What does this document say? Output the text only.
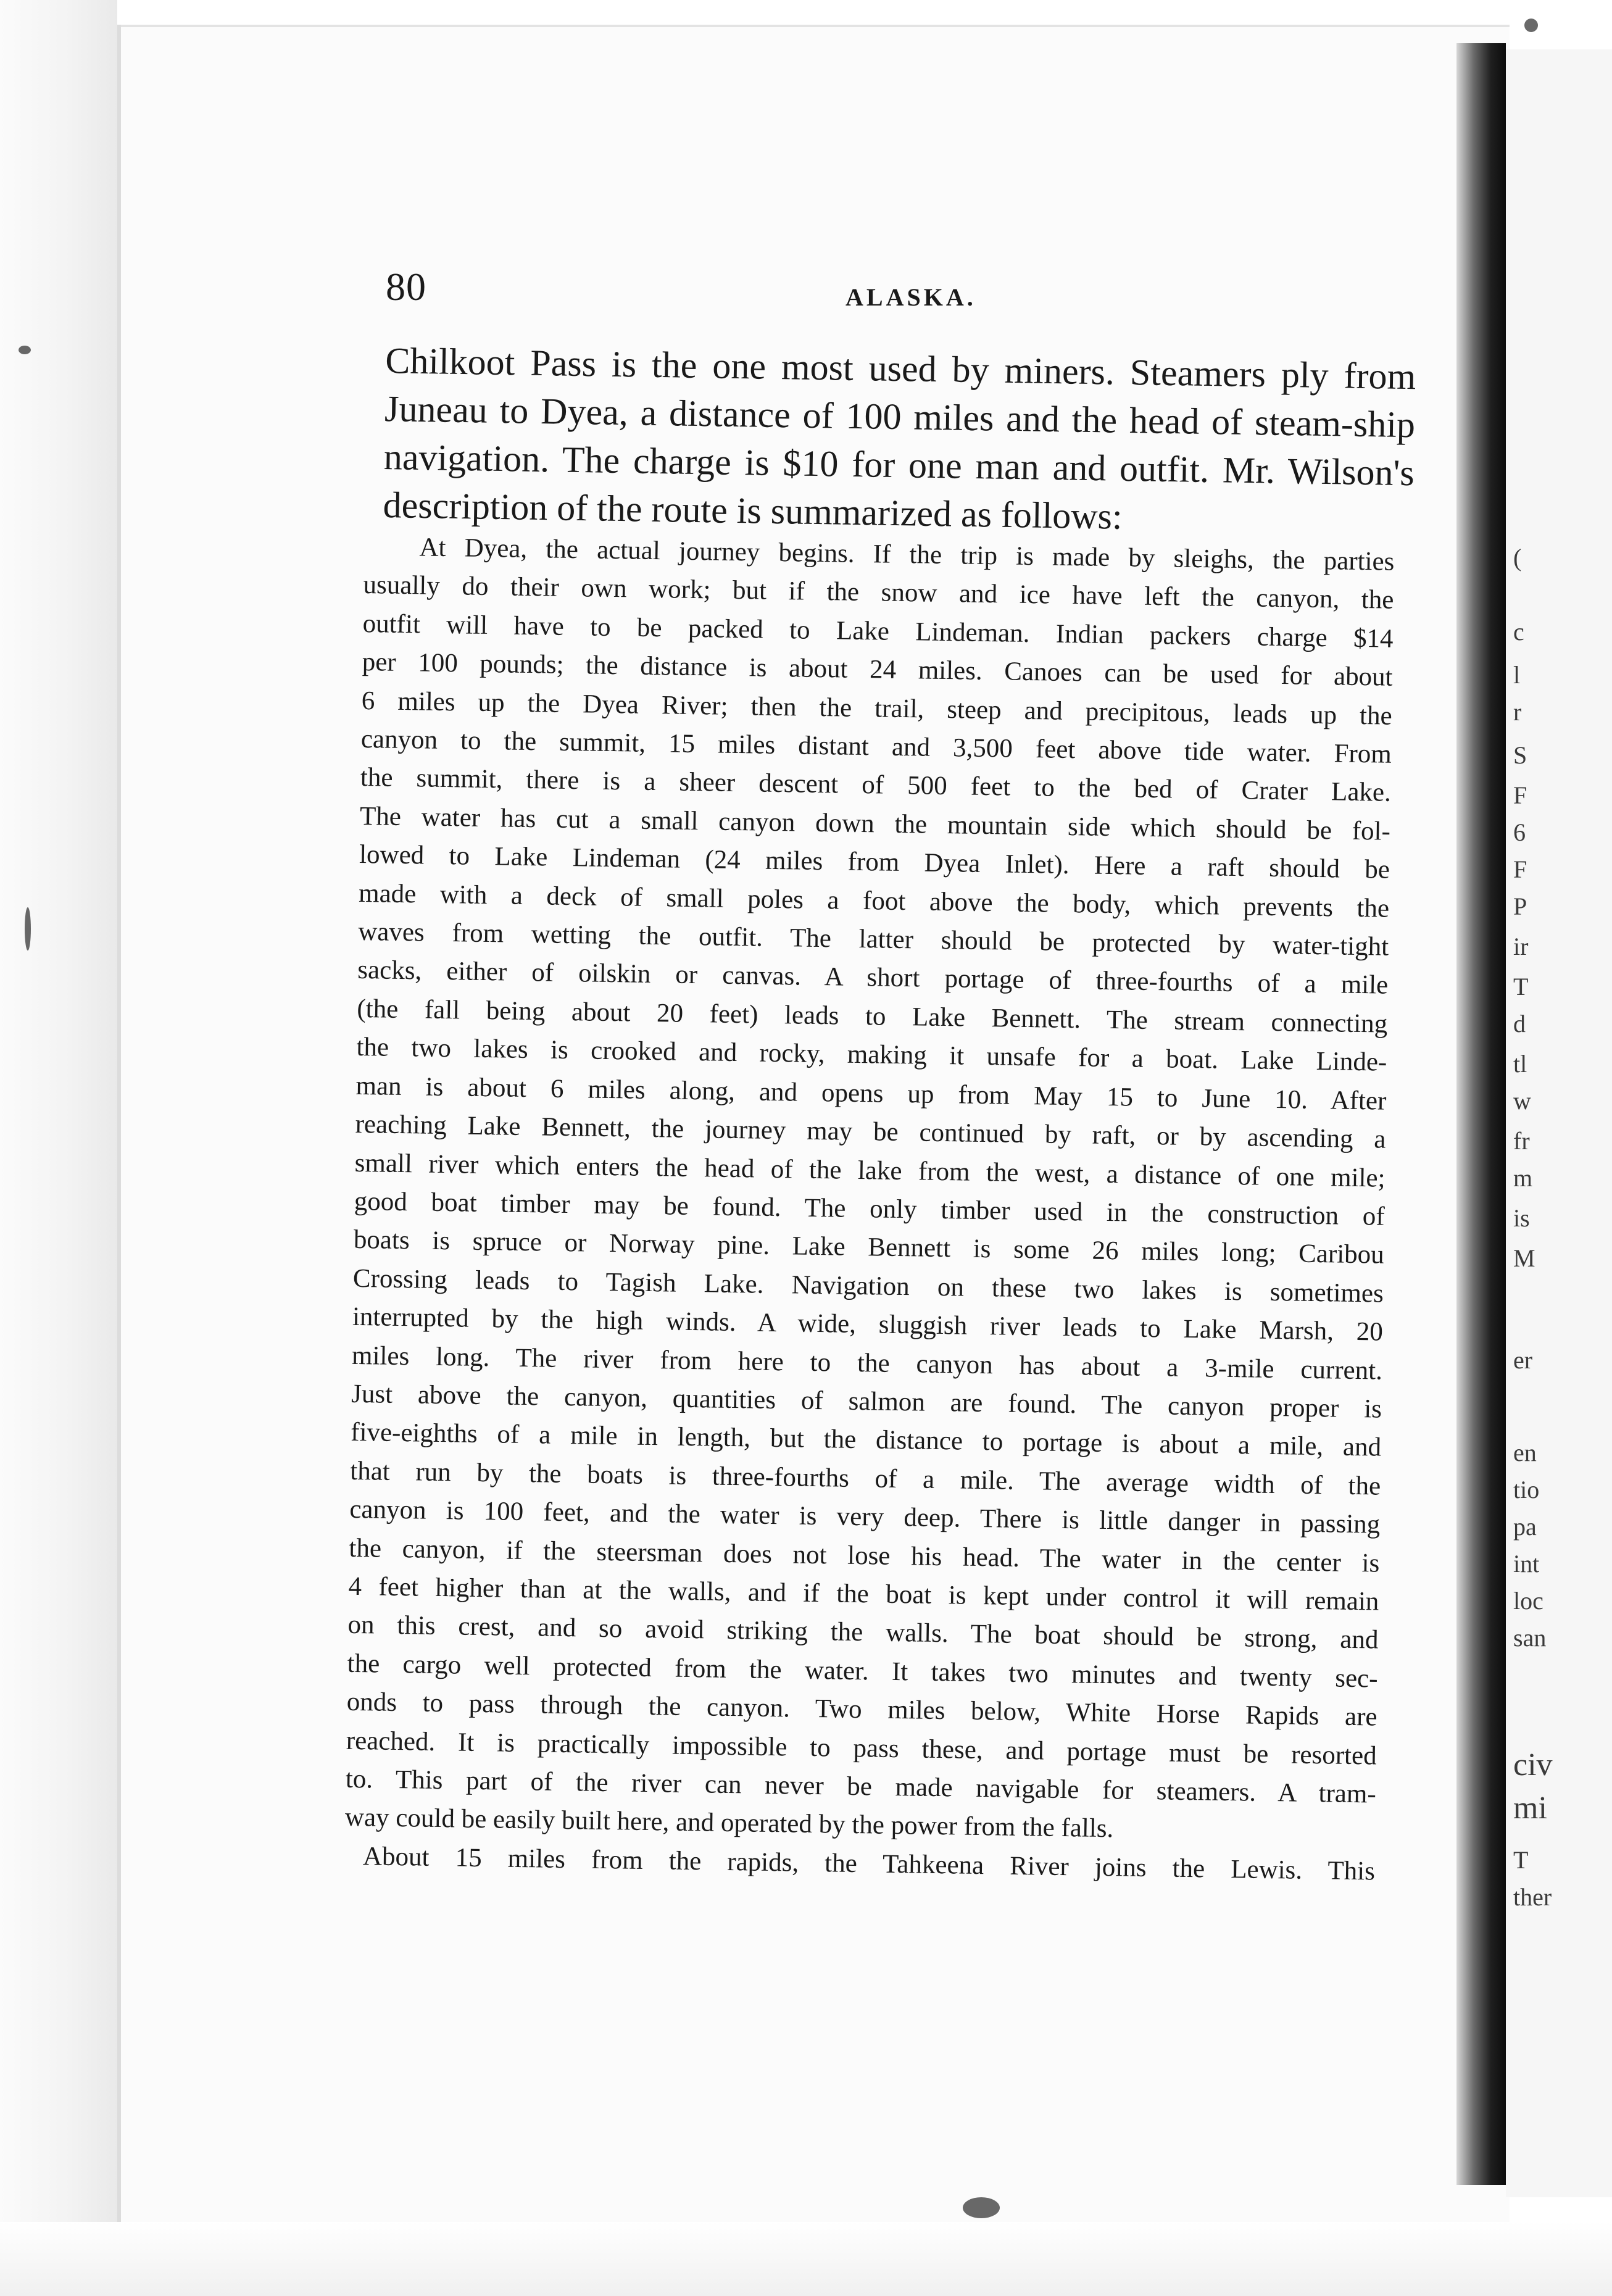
(
c
l
r
S
F
6
F
P
ir
T
d
tl
w
fr
m
is
M
er
en
tio
pa
int
loc
san
civ
mi
T
ther
80	ALASKA.
Chilkoot Pass is the one most used by miners. Steamers ply from Juneau to Dyea, a distance of 100 miles and the head of steam-ship navigation. The charge is $10 for one man and outfit. Mr. Wilson's description of the route is summarized as follows:
At Dyea, the actual journey begins. If the trip is made by sleighs, the parties
usually do their own work; but if the snow and ice have left the canyon, the
outfit will have to be packed to Lake Lindeman. Indian packers charge $14
per 100 pounds; the distance is about 24 miles. Canoes can be used for about
6 miles up the Dyea River; then the trail, steep and precipitous, leads up the
canyon to the summit, 15 miles distant and 3,500 feet above tide water. From
the summit, there is a sheer descent of 500 feet to the bed of Crater Lake.
The water has cut a small canyon down the mountain side which should be fol-
lowed to Lake Lindeman (24 miles from Dyea Inlet). Here a raft should be
made with a deck of small poles a foot above the body, which prevents the
waves from wetting the outfit. The latter should be protected by water-tight
sacks, either of oilskin or canvas. A short portage of three-fourths of a mile
(the fall being about 20 feet) leads to Lake Bennett. The stream connecting
the two lakes is crooked and rocky, making it unsafe for a boat. Lake Linde-
man is about 6 miles along, and opens up from May 15 to June 10. After
reaching Lake Bennett, the journey may be continued by raft, or by ascending a
small river which enters the head of the lake from the west, a distance of one mile;
good boat timber may be found. The only timber used in the construction of
boats is spruce or Norway pine. Lake Bennett is some 26 miles long; Caribou
Crossing leads to Tagish Lake. Navigation on these two lakes is sometimes
interrupted by the high winds. A wide, sluggish river leads to Lake Marsh, 20
miles long. The river from here to the canyon has about a 3-mile current.
Just above the canyon, quantities of salmon are found. The canyon proper is
five-eighths of a mile in length, but the distance to portage is about a mile, and
that run by the boats is three-fourths of a mile. The average width of the
canyon is 100 feet, and the water is very deep. There is little danger in passing
the canyon, if the steersman does not lose his head. The water in the center is
4 feet higher than at the walls, and if the boat is kept under control it will remain
on this crest, and so avoid striking the walls. The boat should be strong, and
the cargo well protected from the water. It takes two minutes and twenty sec-
onds to pass through the canyon. Two miles below, White Horse Rapids are
reached. It is practically impossible to pass these, and portage must be resorted
to. This part of the river can never be made navigable for steamers. A tram-
way could be easily built here, and operated by the power from the falls.
About 15 miles from the rapids, the Tahkeena River joins the Lewis. This
